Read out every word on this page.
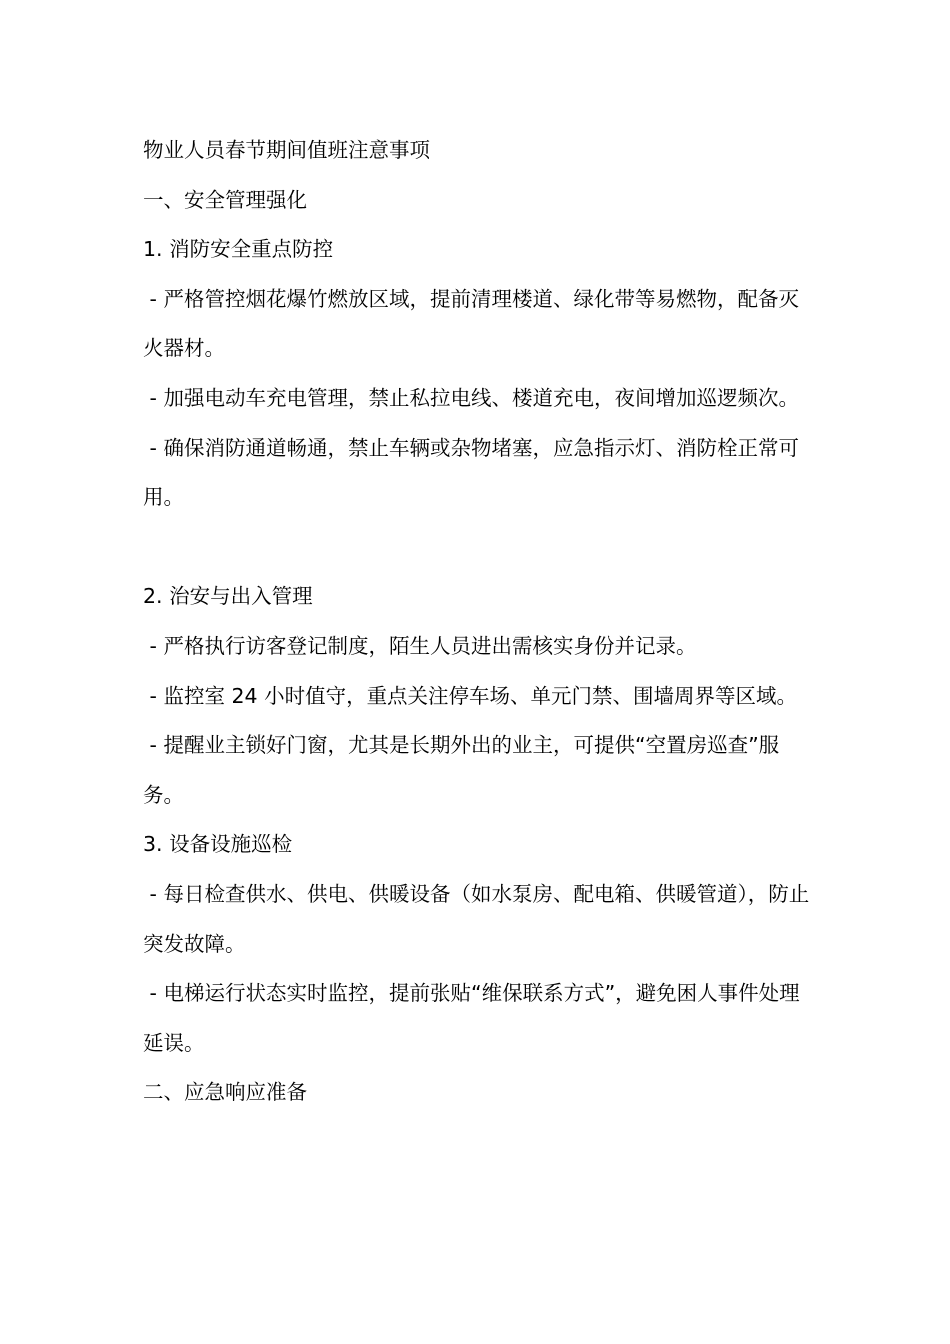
物业人员春节期间值班注意事项

一、安全管理强化

1. 消防安全重点防控

- 严格管控烟花爆竹燃放区域，提前清理楼道、绿化带等易燃物，配备灭火器材。

- 加强电动车充电管理，禁止私拉电线、楼道充电，夜间增加巡逻频次。

- 确保消防通道畅通，禁止车辆或杂物堵塞，应急指示灯、消防栓正常可用。

2. 治安与出入管理

- 严格执行访客登记制度，陌生人员进出需核实身份并记录。

- 监控室 24 小时值守，重点关注停车场、单元门禁、围墙周界等区域。

- 提醒业主锁好门窗，尤其是长期外出的业主，可提供“空置房巡查”服务。

3. 设备设施巡检

- 每日检查供水、供电、供暖设备（如水泵房、配电箱、供暖管道），防止突发故障。

- 电梯运行状态实时监控，提前张贴“维保联系方式”，避免困人事件处理延误。

二、应急响应准备
